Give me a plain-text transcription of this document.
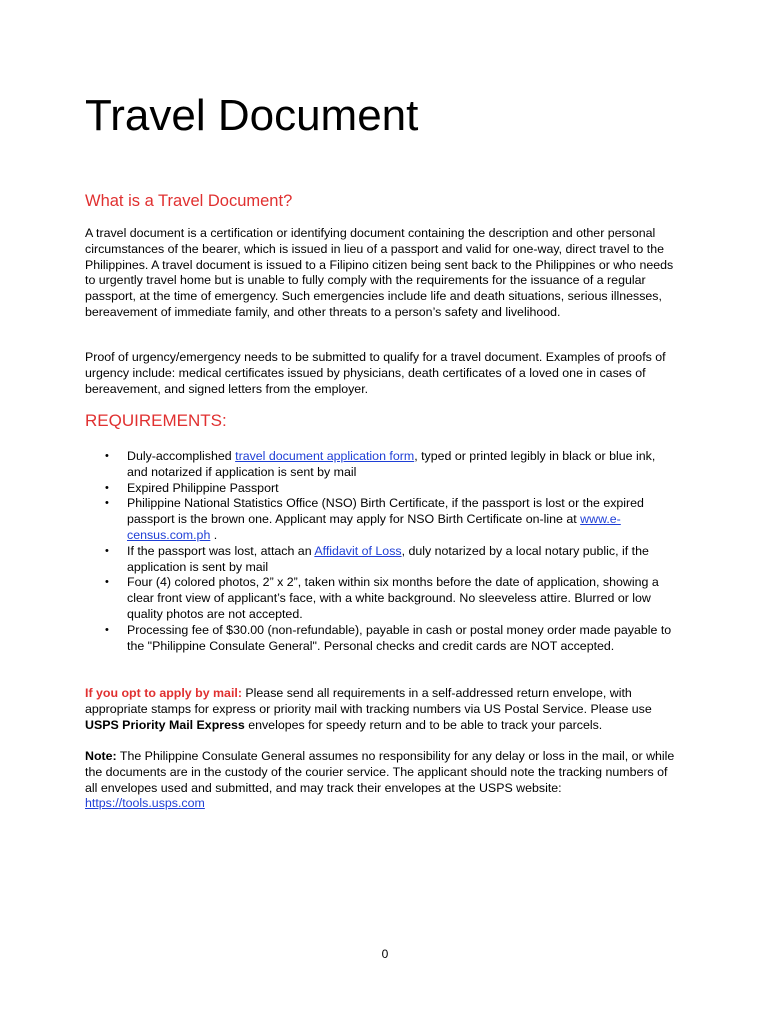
Travel Document
What is a Travel Document?

A travel document is a certification or identifying document containing the description and other personal circumstances of the bearer, which is issued in lieu of a passport and valid for one-way, direct travel to the Philippines. A travel document is issued to a Filipino citizen being sent back to the Philippines or who needs to urgently travel home but is unable to fully comply with the requirements for the issuance of a regular passport, at the time of emergency. Such emergencies include life and death situations, serious illnesses, bereavement of immediate family, and other threats to a person’s safety and livelihood.

Proof of urgency/emergency needs to be submitted to qualify for a travel document. Examples of proofs of urgency include: medical certificates issued by physicians, death certificates of a loved one in cases of bereavement, and signed letters from the employer.

REQUIREMENTS:
• Duly-accomplished travel document application form, typed or printed legibly in black or blue ink, and notarized if application is sent by mail
• Expired Philippine Passport
• Philippine National Statistics Office (NSO) Birth Certificate, if the passport is lost or the expired passport is the brown one. Applicant may apply for NSO Birth Certificate on-line at www.e-census.com.ph .
• If the passport was lost, attach an Affidavit of Loss, duly notarized by a local notary public, if the application is sent by mail
• Four (4) colored photos, 2” x 2”, taken within six months before the date of application, showing a clear front view of applicant’s face, with a white background. No sleeveless attire. Blurred or low quality photos are not accepted.
• Processing fee of $30.00 (non-refundable), payable in cash or postal money order made payable to the "Philippine Consulate General". Personal checks and credit cards are NOT accepted.

If you opt to apply by mail: Please send all requirements in a self-addressed return envelope, with appropriate stamps for express or priority mail with tracking numbers via US Postal Service. Please use USPS Priority Mail Express envelopes for speedy return and to be able to track your parcels.

Note: The Philippine Consulate General assumes no responsibility for any delay or loss in the mail, or while the documents are in the custody of the courier service. The applicant should note the tracking numbers of all envelopes used and submitted, and may track their envelopes at the USPS website: https://tools.usps.com

0
